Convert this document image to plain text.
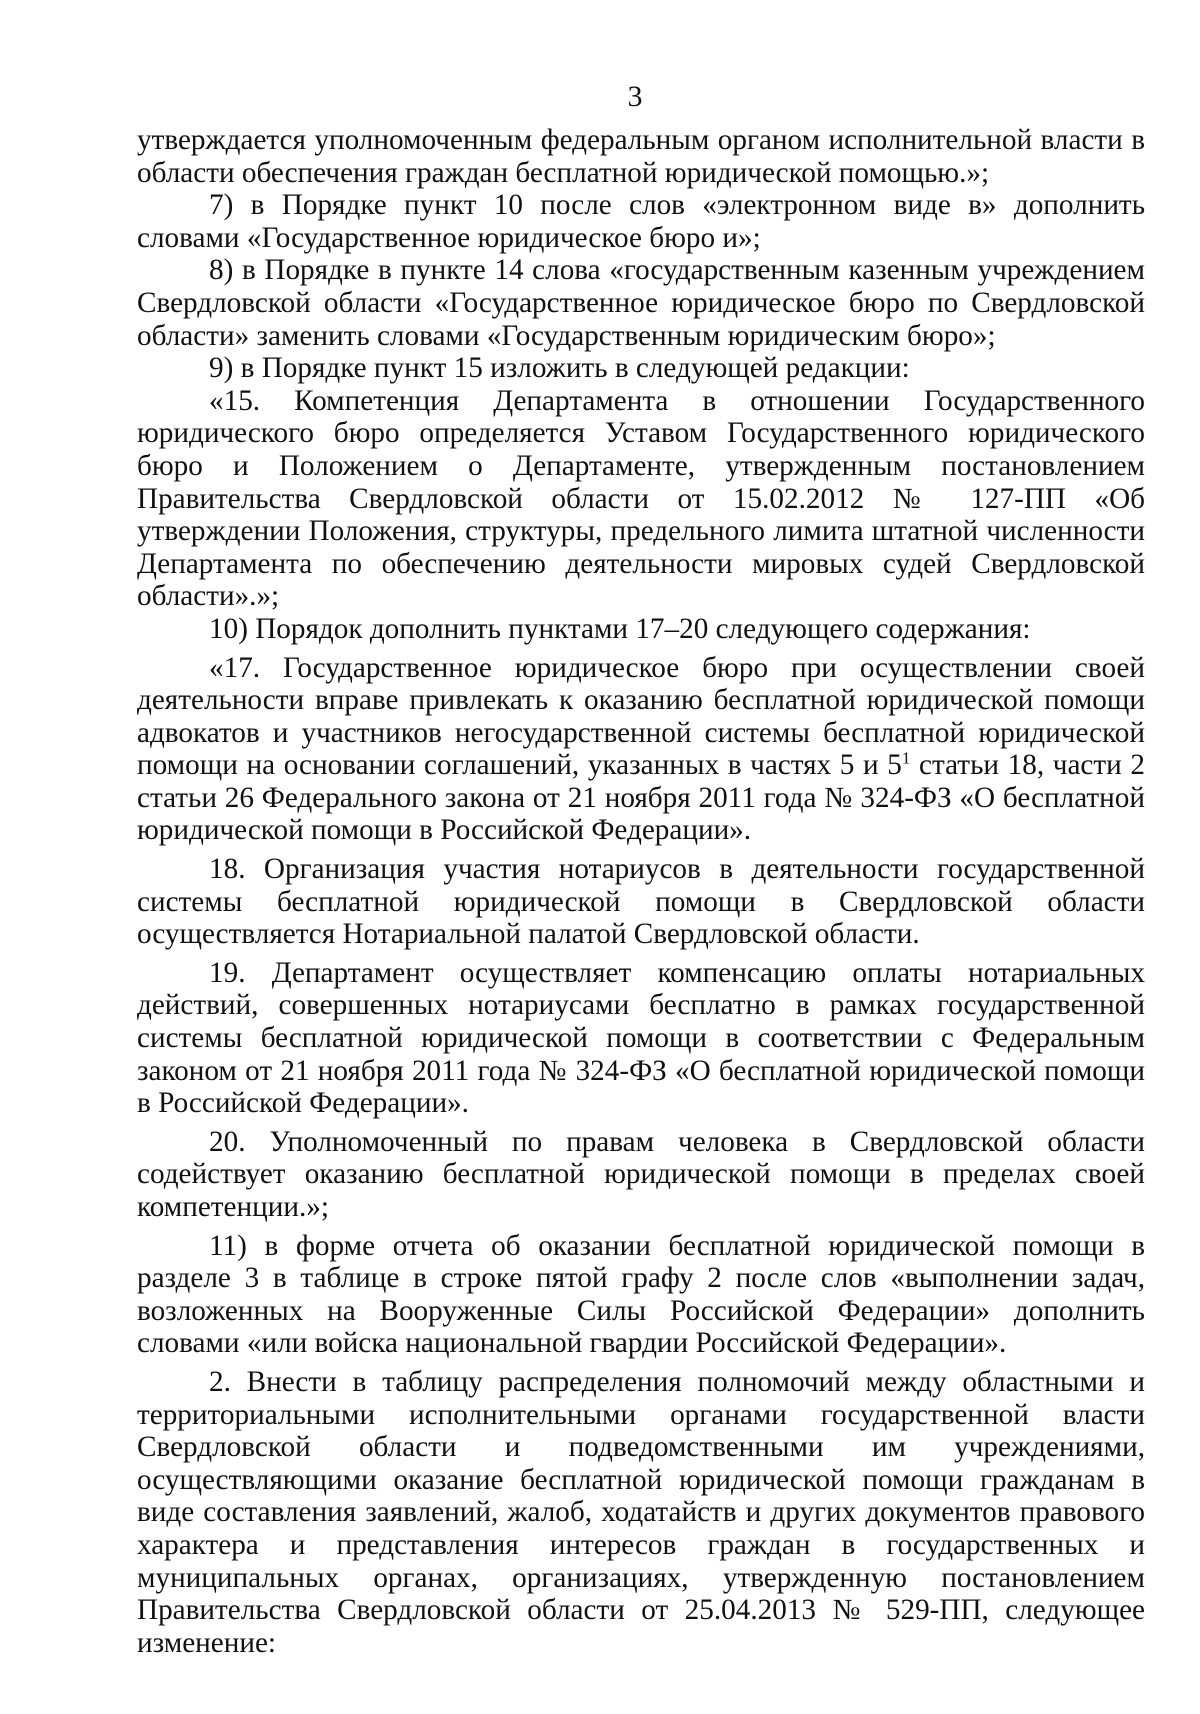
3

утверждается уполномоченным федеральным органом исполнительной власти в области обеспечения граждан бесплатной юридической помощью.»;

7) в Порядке пункт 10 после слов «электронном виде в» дополнить словами «Государственное юридическое бюро и»;

8) в Порядке в пункте 14 слова «государственным казенным учреждением Свердловской области «Государственное юридическое бюро по Свердловской области» заменить словами «Государственным юридическим бюро»;

9) в Порядке пункт 15 изложить в следующей редакции:

«15. Компетенция Департамента в отношении Государственного юридического бюро определяется Уставом Государственного юридического бюро и Положением о Департаменте, утвержденным постановлением Правительства Свердловской области от 15.02.2012 № 127-ПП «Об утверждении Положения, структуры, предельного лимита штатной численности Департамента по обеспечению деятельности мировых судей Свердловской области».»;

10) Порядок дополнить пунктами 17–20 следующего содержания:

«17. Государственное юридическое бюро при осуществлении своей деятельности вправе привлекать к оказанию бесплатной юридической помощи адвокатов и участников негосударственной системы бесплатной юридической помощи на основании соглашений, указанных в частях 5 и $5^1$ статьи 18, части 2 статьи 26 Федерального закона от 21 ноября 2011 года № 324-ФЗ «О бесплатной юридической помощи в Российской Федерации».

18. Организация участия нотариусов в деятельности государственной системы бесплатной юридической помощи в Свердловской области осуществляется Нотариальной палатой Свердловской области.

19. Департамент осуществляет компенсацию оплаты нотариальных действий, совершенных нотариусами бесплатно в рамках государственной системы бесплатной юридической помощи в соответствии с Федеральным законом от 21 ноября 2011 года № 324-ФЗ «О бесплатной юридической помощи в Российской Федерации».

20. Уполномоченный по правам человека в Свердловской области содействует оказанию бесплатной юридической помощи в пределах своей компетенции.»;

11) в форме отчета об оказании бесплатной юридической помощи в разделе 3 в таблице в строке пятой графу 2 после слов «выполнении задач, возложенных на Вооруженные Силы Российской Федерации» дополнить словами «или войска национальной гвардии Российской Федерации».

2. Внести в таблицу распределения полномочий между областными и территориальными исполнительными органами государственной власти Свердловской области и подведомственными им учреждениями, осуществляющими оказание бесплатной юридической помощи гражданам в виде составления заявлений, жалоб, ходатайств и других документов правового характера и представления интересов граждан в государственных и муниципальных органах, организациях, утвержденную постановлением Правительства Свердловской области от 25.04.2013 № 529-ПП, следующее изменение:
